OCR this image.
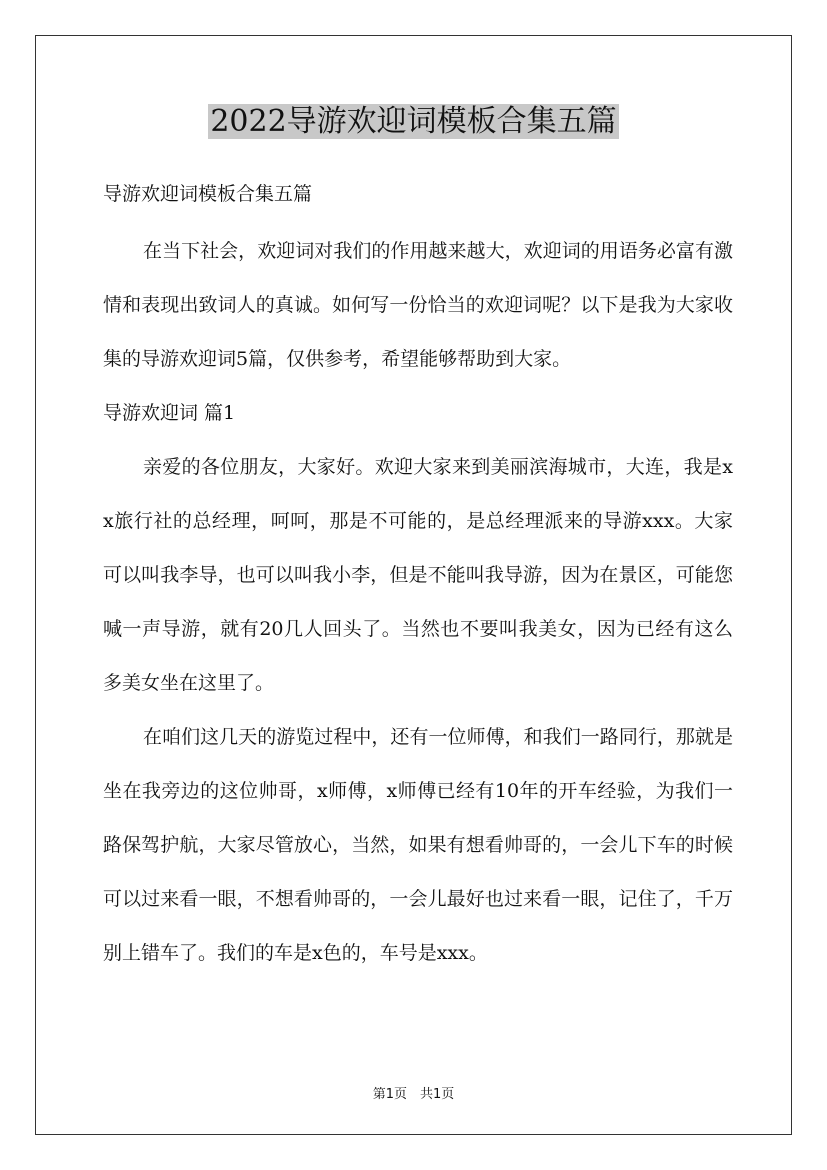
2022导游欢迎词模板合集五篇
导游欢迎词模板合集五篇

在当下社会，欢迎词对我们的作用越来越大，欢迎词的用语务必富有激情和表现出致词人的真诚。如何写一份恰当的欢迎词呢？以下是我为大家收集的导游欢迎词5篇，仅供参考，希望能够帮助到大家。

导游欢迎词 篇1

亲爱的各位朋友，大家好。欢迎大家来到美丽滨海城市，大连，我是xx旅行社的总经理，呵呵，那是不可能的，是总经理派来的导游xxx。大家可以叫我李导，也可以叫我小李，但是不能叫我导游，因为在景区，可能您喊一声导游，就有20几人回头了。当然也不要叫我美女，因为已经有这么多美女坐在这里了。

在咱们这几天的游览过程中，还有一位师傅，和我们一路同行，那就是坐在我旁边的这位帅哥，x师傅，x师傅已经有10年的开车经验，为我们一路保驾护航，大家尽管放心，当然，如果有想看帅哥的，一会儿下车的时候可以过来看一眼，不想看帅哥的，一会儿最好也过来看一眼，记住了，千万别上错车了。我们的车是x色的，车号是xxx。

第1页　共1页
